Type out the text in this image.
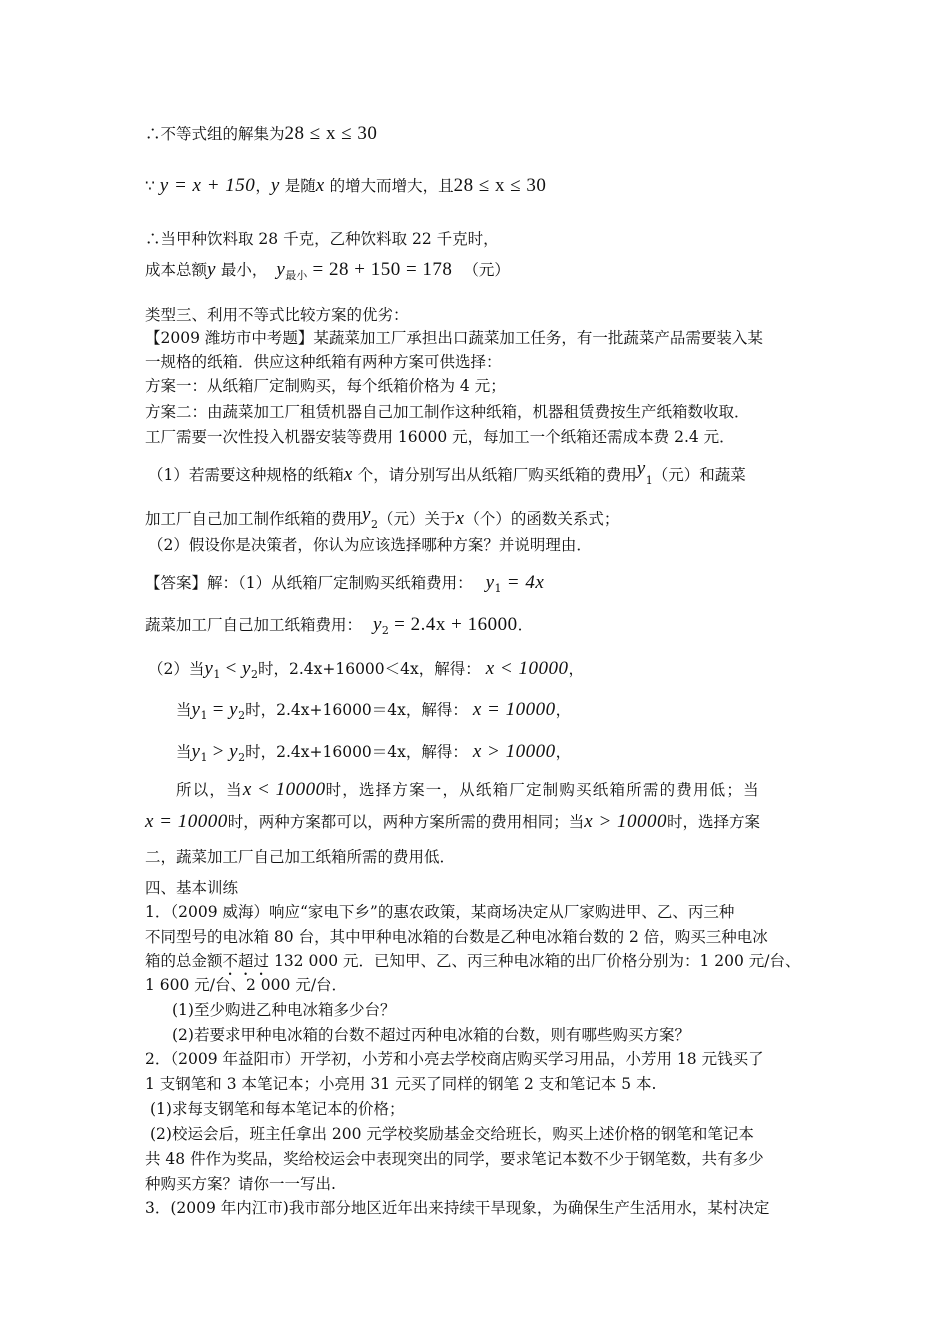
∴不等式组的解集为28 ≤ x ≤ 30
∵ y = x + 150，y 是随x 的增大而增大，且28 ≤ x ≤ 30
∴当甲种饮料取 28 千克，乙种饮料取 22 千克时，
成本总额y 最小， $y_{最小} = 28 + 150 = 178$ （元）
类型三、利用不等式比较方案的优劣：
【2009 潍坊市中考题】某蔬菜加工厂承担出口蔬菜加工任务，有一批蔬菜产品需要装入某
一规格的纸箱．供应这种纸箱有两种方案可供选择：
方案一：从纸箱厂定制购买，每个纸箱价格为 4 元；
方案二：由蔬菜加工厂租赁机器自己加工制作这种纸箱，机器租赁费按生产纸箱数收取．
工厂需要一次性投入机器安装等费用 16000 元，每加工一个纸箱还需成本费 2.4 元．
（1）若需要这种规格的纸箱x 个，请分别写出从纸箱厂购买纸箱的费用$y_1$（元）和蔬菜
加工厂自己加工制作纸箱的费用$y_2$（元）关于x（个）的函数关系式；
（2）假设你是决策者，你认为应该选择哪种方案？并说明理由．
【答案】解：（1）从纸箱厂定制购买纸箱费用： $y_1 = 4x$
蔬菜加工厂自己加工纸箱费用： $y_2 = 2.4x + 16000$．
（2）当$y_1 < y_2$时，2.4x+16000＜4x，解得： x < 10000，
当$y_1 = y_2$时，2.4x+16000＝4x，解得： x = 10000，
当$y_1 > y_2$时，2.4x+16000＝4x，解得： x > 10000，
所以，当x < 10000时，选择方案一，从纸箱厂定制购买纸箱所需的费用低；当
x = 10000时，两种方案都可以，两种方案所需的费用相同；当x > 10000时，选择方案
二，蔬菜加工厂自己加工纸箱所需的费用低．
四、基本训练
1．（2009 威海）响应“家电下乡”的惠农政策，某商场决定从厂家购进甲、乙、丙三种
不同型号的电冰箱 80 台，其中甲种电冰箱的台数是乙种电冰箱台数的 2 倍，购买三种电冰
箱的总金额不超过 132 000 元．已知甲、乙、丙三种电冰箱的出厂价格分别为：1 200 元/台、
1 600 元/台、2 000 元/台．
(1)至少购进乙种电冰箱多少台？
(2)若要求甲种电冰箱的台数不超过丙种电冰箱的台数，则有哪些购买方案？
2．（2009 年益阳市）开学初，小芳和小亮去学校商店购买学习用品，小芳用 18 元钱买了
1 支钢笔和 3 本笔记本；小亮用 31 元买了同样的钢笔 2 支和笔记本 5 本.
(1)求每支钢笔和每本笔记本的价格；
(2)校运会后，班主任拿出 200 元学校奖励基金交给班长，购买上述价格的钢笔和笔记本
共 48 件作为奖品，奖给校运会中表现突出的同学，要求笔记本数不少于钢笔数，共有多少
种购买方案？请你一一写出.
3．(2009 年内江市)我市部分地区近年出来持续干旱现象，为确保生产生活用水，某村决定
